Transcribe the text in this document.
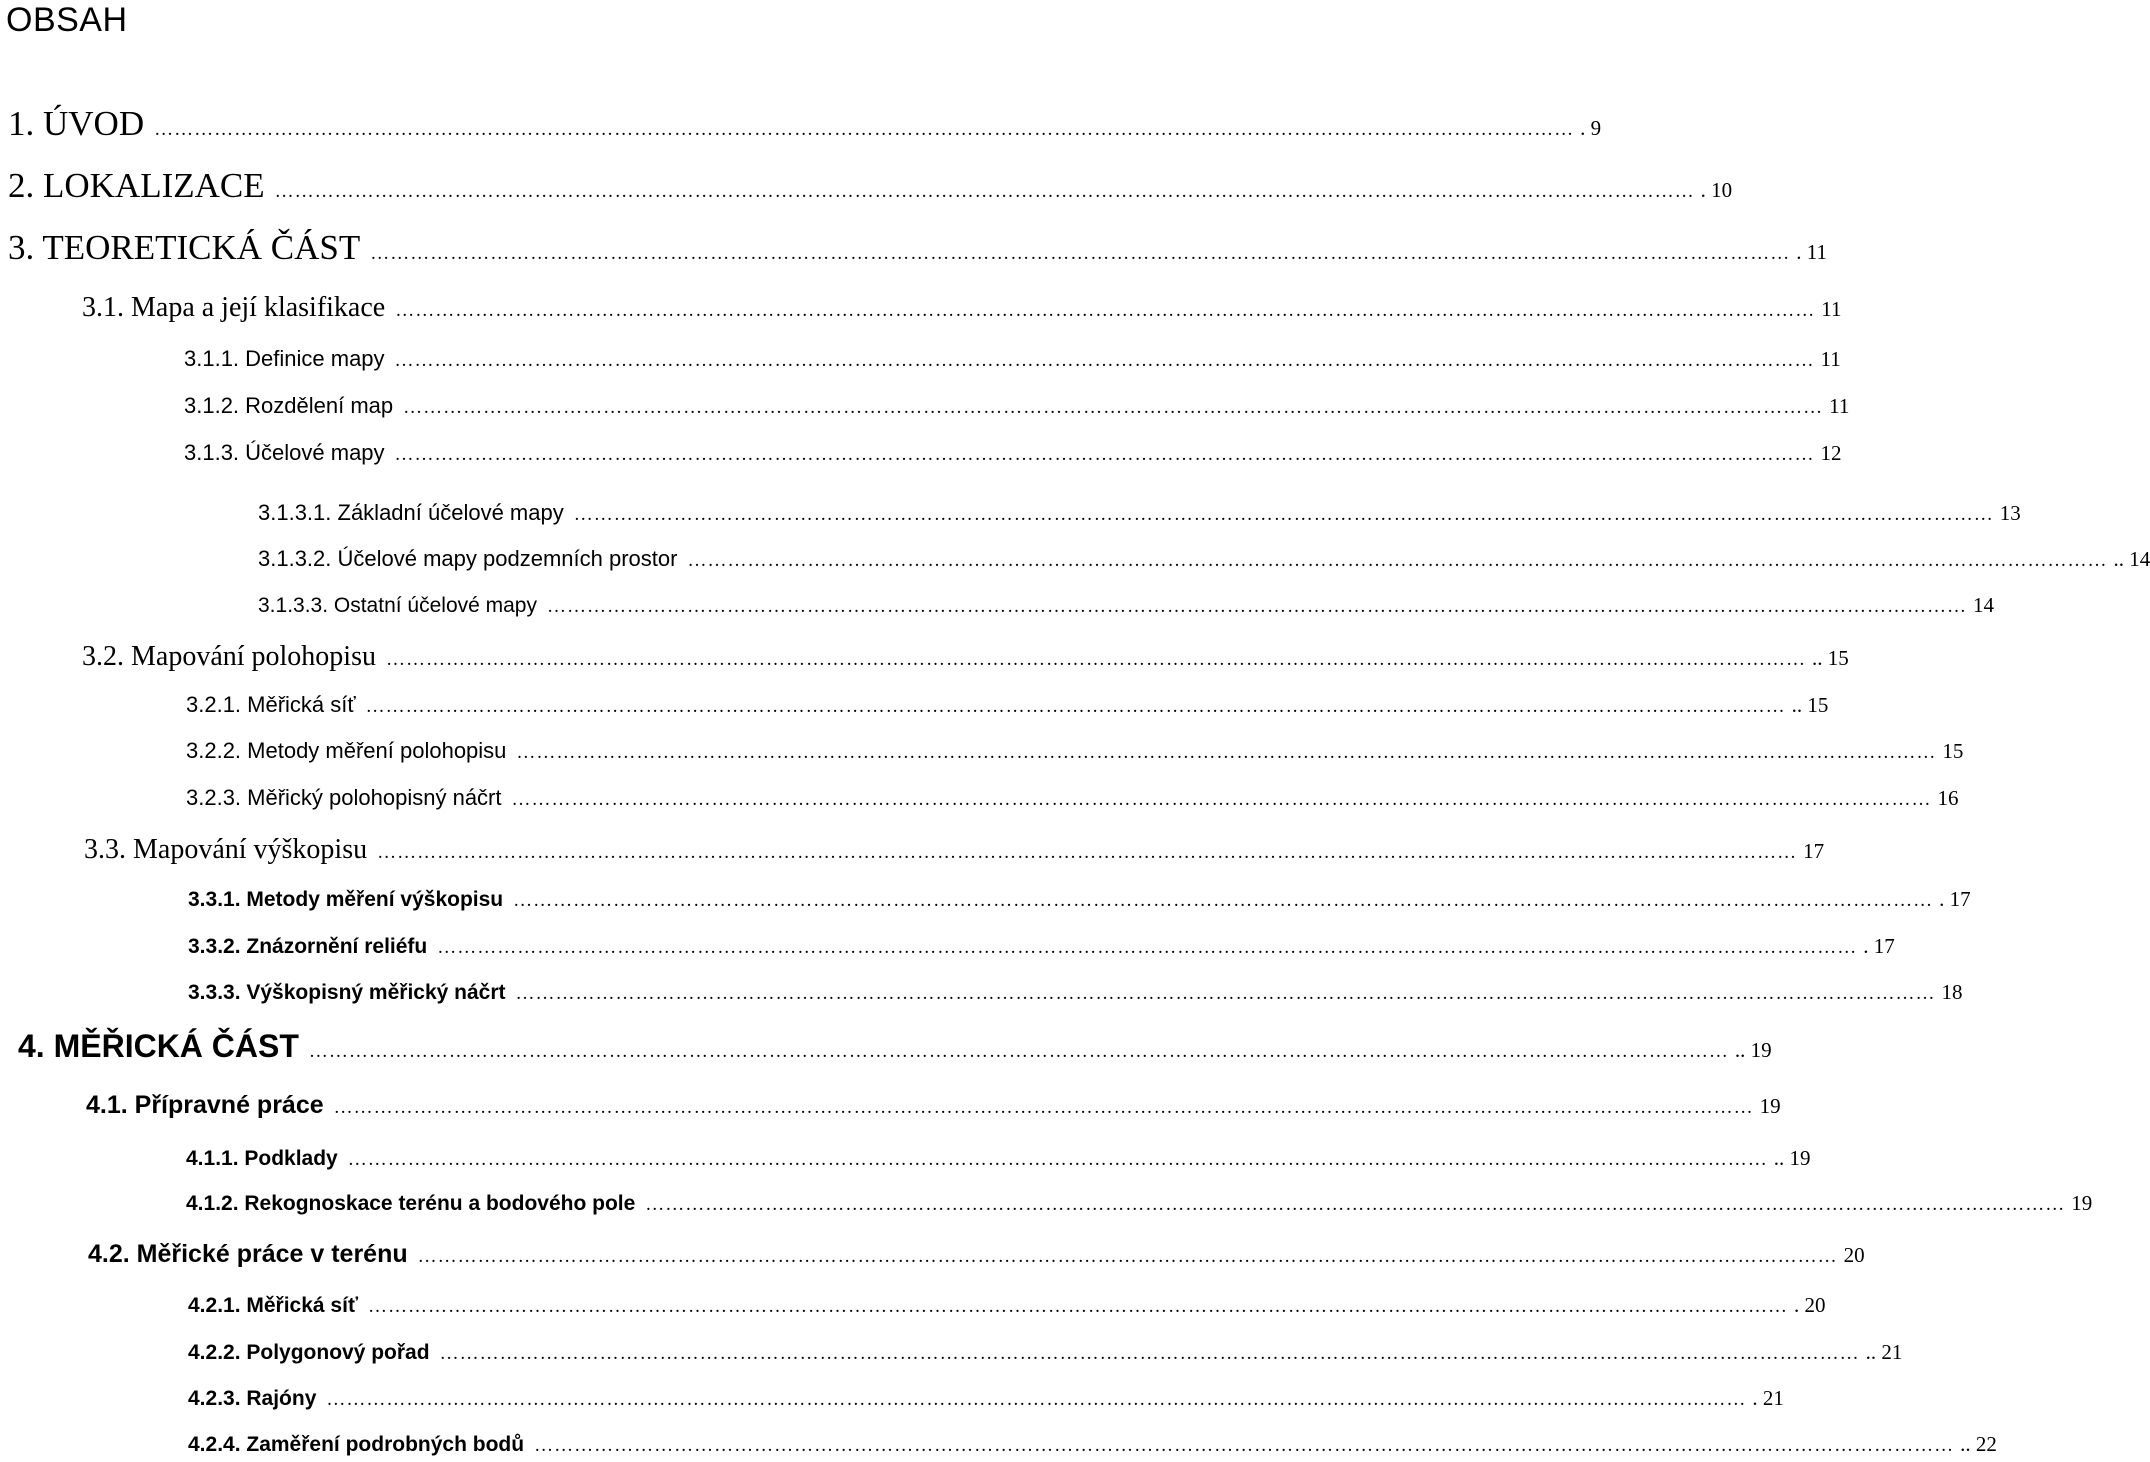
OBSAH
1. ÚVOD …………………………………………………………………………………………………………………………………………………………………………………………… . 9
2. LOKALIZACE …………………………………………………………………………………………………………………………………………………………………………………………… . 10
3. TEORETICKÁ ČÁST …………………………………………………………………………………………………………………………………………………………………………………………… . 11
3.1. Mapa a její klasifikace …………………………………………………………………………………………………………………………………………………………………………………………… 11
3.1.1. Definice mapy …………………………………………………………………………………………………………………………………………………………………………………………… 11
3.1.2. Rozdělení map …………………………………………………………………………………………………………………………………………………………………………………………… 11
3.1.3. Účelové mapy …………………………………………………………………………………………………………………………………………………………………………………………… 12
3.1.3.1. Základní účelové mapy …………………………………………………………………………………………………………………………………………………………………………………………… 13
3.1.3.2. Účelové mapy podzemních prostor …………………………………………………………………………………………………………………………………………………………………………………………… .. 14
3.1.3.3. Ostatní účelové mapy …………………………………………………………………………………………………………………………………………………………………………………………… 14
3.2. Mapování polohopisu …………………………………………………………………………………………………………………………………………………………………………………………… .. 15
3.2.1. Měřická síť …………………………………………………………………………………………………………………………………………………………………………………………… .. 15
3.2.2. Metody měření polohopisu …………………………………………………………………………………………………………………………………………………………………………………………… 15
3.2.3. Měřický polohopisný náčrt …………………………………………………………………………………………………………………………………………………………………………………………… 16
3.3. Mapování výškopisu …………………………………………………………………………………………………………………………………………………………………………………………… 17
3.3.1. Metody měření výškopisu …………………………………………………………………………………………………………………………………………………………………………………………… . 17
3.3.2. Znázornění reliéfu …………………………………………………………………………………………………………………………………………………………………………………………… . 17
3.3.3. Výškopisný měřický náčrt …………………………………………………………………………………………………………………………………………………………………………………………… 18
4. MĚŘICKÁ ČÁST …………………………………………………………………………………………………………………………………………………………………………………………… .. 19
4.1. Přípravné práce …………………………………………………………………………………………………………………………………………………………………………………………… 19
4.1.1. Podklady …………………………………………………………………………………………………………………………………………………………………………………………… .. 19
4.1.2. Rekognoskace terénu a bodového pole …………………………………………………………………………………………………………………………………………………………………………………………… 19
4.2. Měřické práce v terénu …………………………………………………………………………………………………………………………………………………………………………………………… 20
4.2.1. Měřická síť …………………………………………………………………………………………………………………………………………………………………………………………… . 20
4.2.2. Polygonový pořad …………………………………………………………………………………………………………………………………………………………………………………………… .. 21
4.2.3. Rajóny …………………………………………………………………………………………………………………………………………………………………………………………… . 21
4.2.4. Zaměření podrobných bodů …………………………………………………………………………………………………………………………………………………………………………………………… .. 22
